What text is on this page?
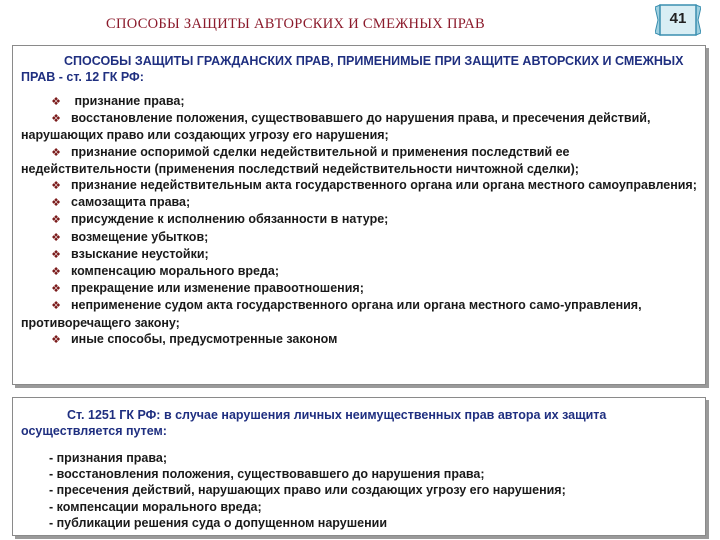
СПОСОБЫ ЗАЩИТЫ АВТОРСКИХ И СМЕЖНЫХ ПРАВ	41
СПОСОБЫ ЗАЩИТЫ ГРАЖДАНСКИХ ПРАВ, ПРИМЕНИМЫЕ ПРИ ЗАЩИТЕ АВТОРСКИХ И СМЕЖНЫХ ПРАВ - ст. 12 ГК РФ:

❖ признание права;

❖ восстановление положения, существовавшего до нарушения права, и пресечения действий, нарушающих право или создающих угрозу его нарушения;

❖ признание оспоримой сделки недействительной и применения последствий ее недействительности (применения последствий недействительности ничтожной сделки);

❖ признание недействительным акта государственного органа или органа местного самоуправления;

❖ самозащита права;

❖ присуждение к исполнению обязанности в натуре;

❖ возмещение убытков;

❖ взыскание неустойки;

❖ компенсацию морального вреда;

❖ прекращение или изменение правоотношения;

❖ неприменение судом акта государственного органа или органа местного само-управления, противоречащего закону;

❖ иные способы, предусмотренные законом

Ст. 1251 ГК РФ: в случае нарушения личных неимущественных прав автора их защита осуществляется путем:

- признания права;

- восстановления положения, существовавшего до нарушения права;

- пресечения действий, нарушающих право или создающих угрозу его нарушения;

- компенсации морального вреда;

- публикации решения суда о допущенном нарушении
